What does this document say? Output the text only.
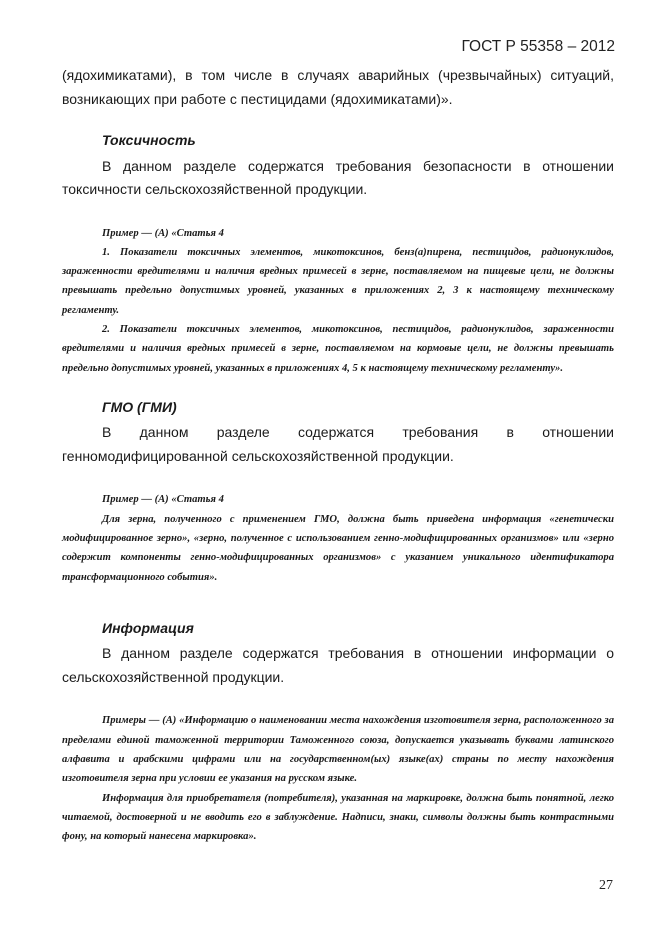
ГОСТ Р 55358 – 2012

(ядохимикатами), в том числе в случаях аварийных (чрезвычайных) ситуаций, возникающих при работе с пестицидами (ядохимикатами)».

Токсичность

В данном разделе содержатся требования безопасности в отношении токсичности сельскохозяйственной продукции.

Пример — (А) «Статья 4

1. Показатели токсичных элементов, микотоксинов, бенз(а)пирена, пестицидов, радионуклидов, зараженности вредителями и наличия вредных примесей в зерне, поставляемом на пищевые цели, не должны превышать предельно допустимых уровней, указанных в приложениях 2, 3 к настоящему техническому регламенту.

2. Показатели токсичных элементов, микотоксинов, пестицидов, радионуклидов, зараженности вредителями и наличия вредных примесей в зерне, поставляемом на кормовые цели, не должны превышать предельно допустимых уровней, указанных в приложениях 4, 5 к настоящему техническому регламенту».

ГМО (ГМИ)

В данном разделе содержатся требования в отношении генномодифицированной сельскохозяйственной продукции.

Пример — (А) «Статья 4

Для зерна, полученного с применением ГМО, должна быть приведена информация «генетически модифицированное зерно», «зерно, полученное с использованием генно-модифицированных организмов» или «зерно содержит компоненты генно-модифицированных организмов» с указанием уникального идентификатора трансформационного события».

Информация

В данном разделе содержатся требования в отношении информации о сельскохозяйственной продукции.

Примеры — (А) «Информацию о наименовании места нахождения изготовителя зерна, расположенного за пределами единой таможенной территории Таможенного союза, допускается указывать буквами латинского алфавита и арабскими цифрами или на государственном(ых) языке(ах) страны по месту нахождения изготовителя зерна при условии ее указания на русском языке.

Информация для приобретателя (потребителя), указанная на маркировке, должна быть понятной, легко читаемой, достоверной и не вводить его в заблуждение. Надписи, знаки, символы должны быть контрастными фону, на который нанесена маркировка».

27
